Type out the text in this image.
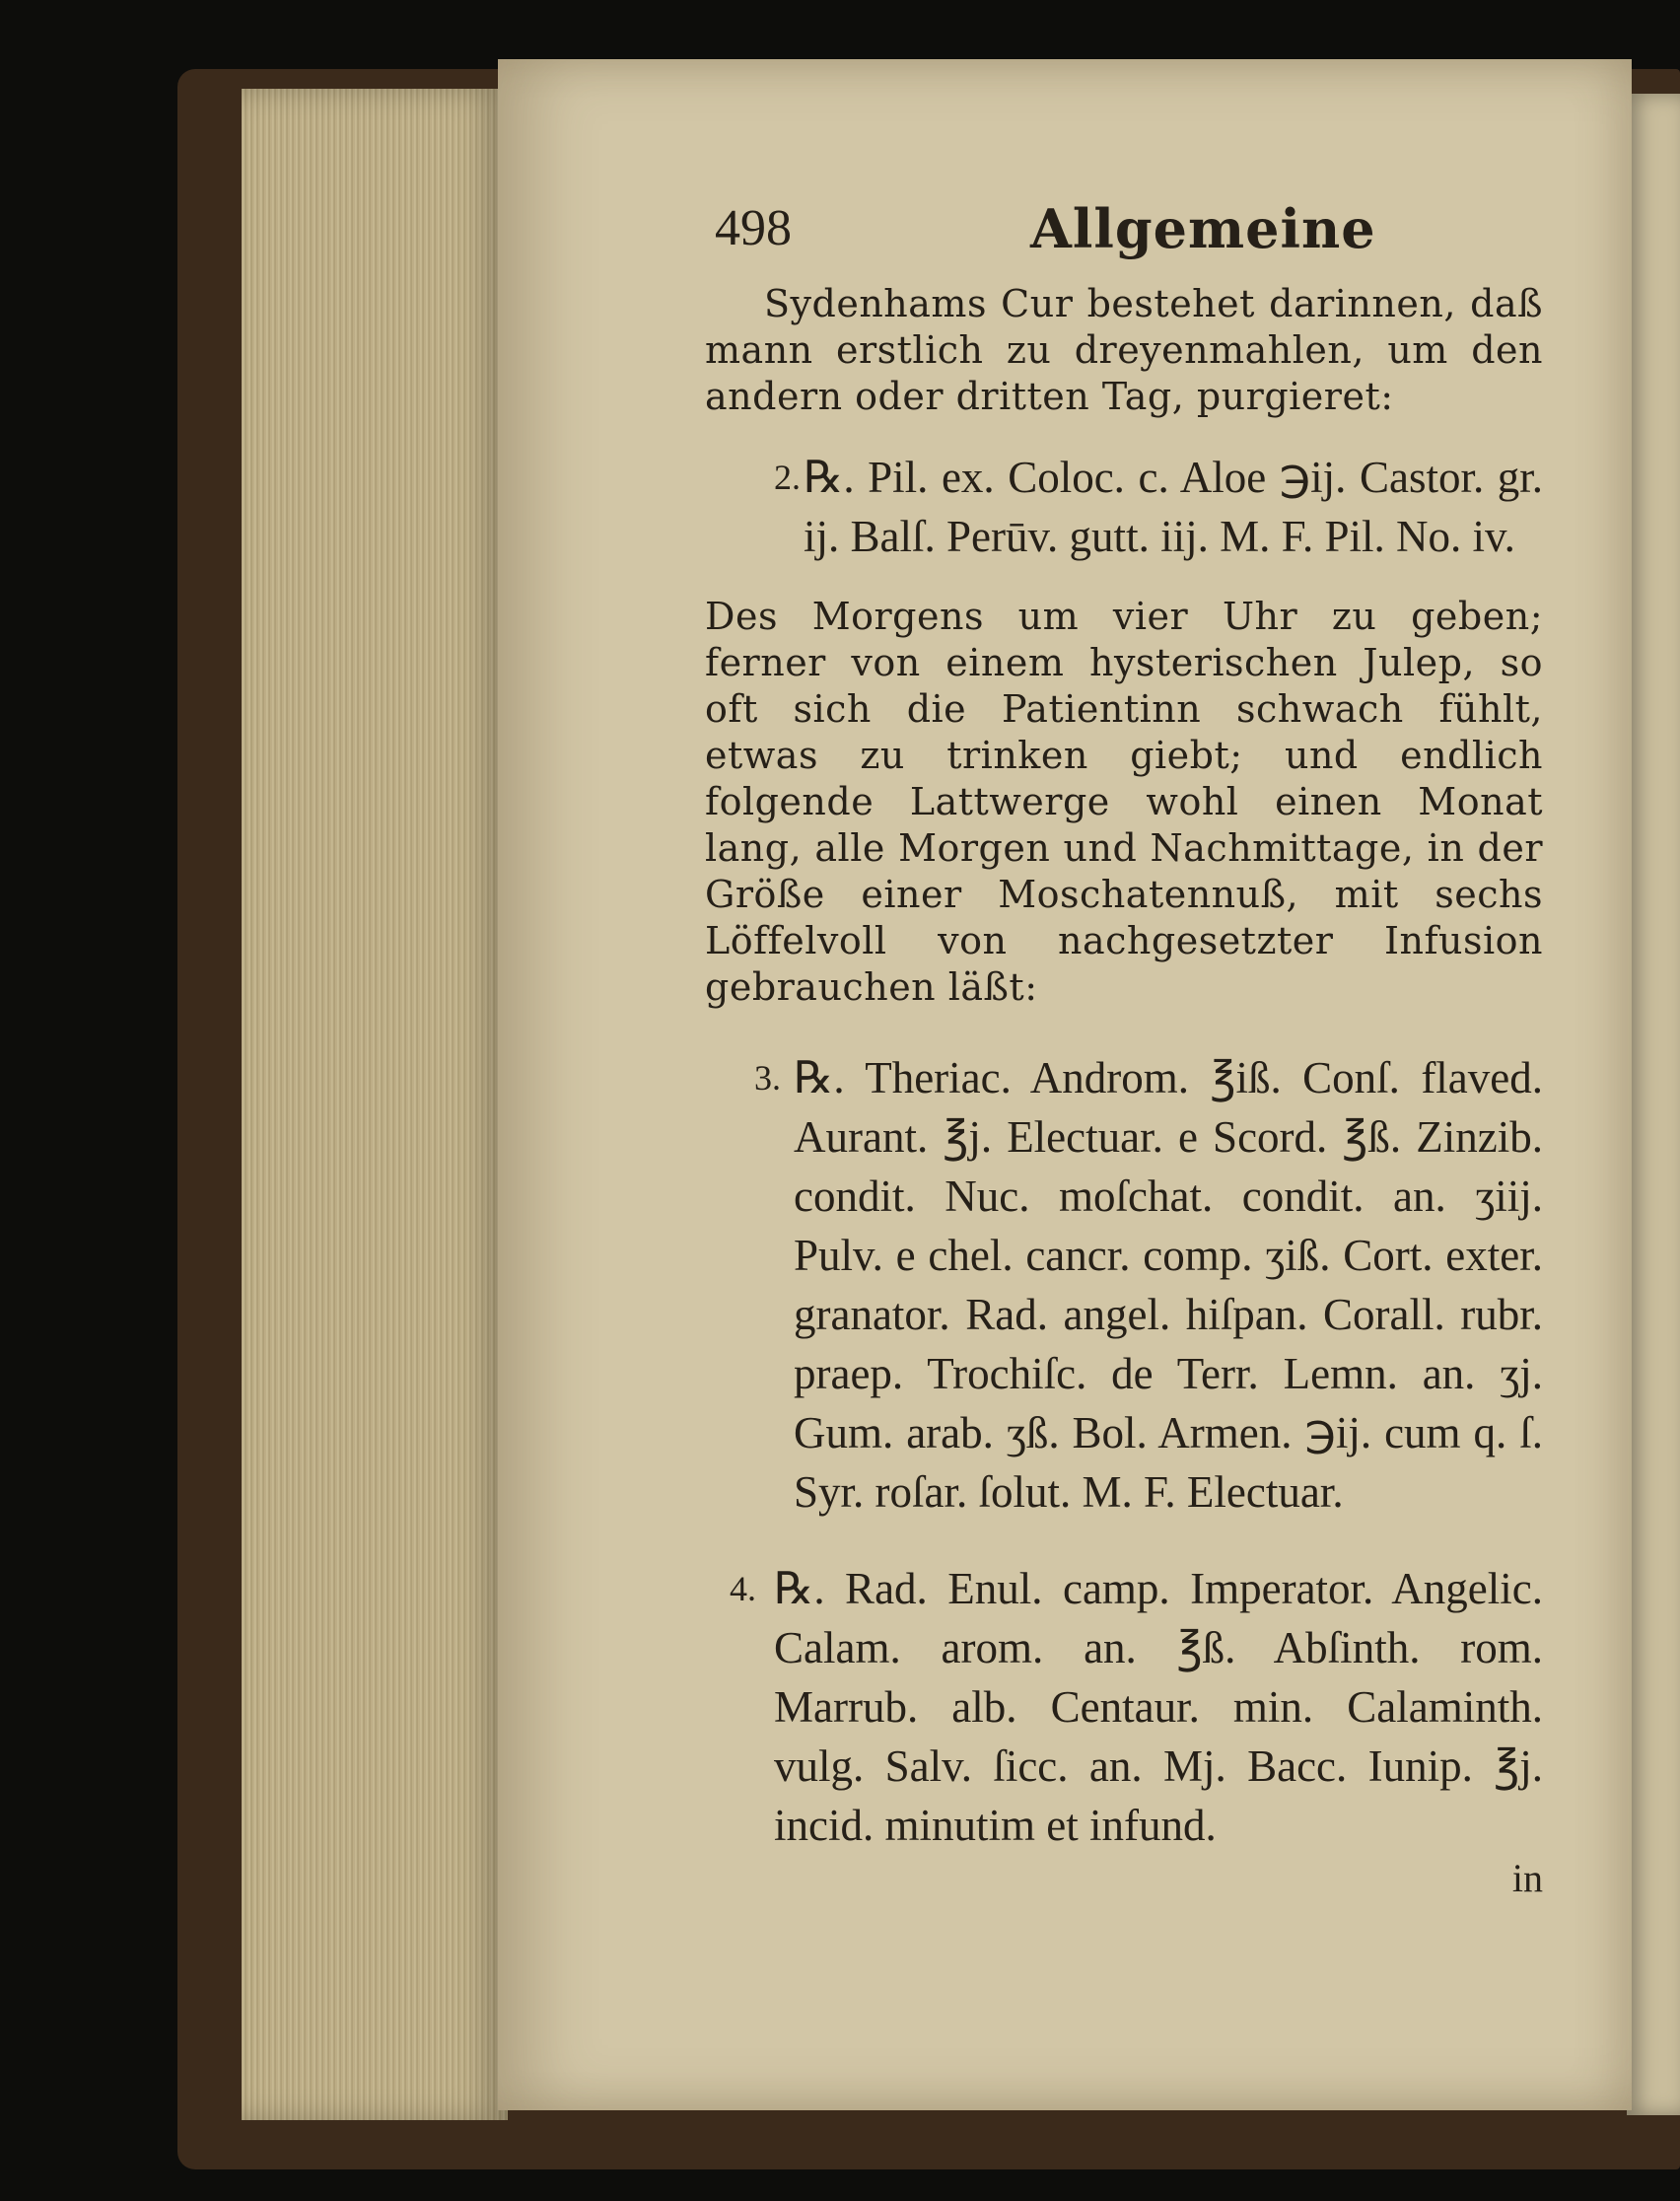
498	Allgemeine

Sydenhams Cur bestehet darinnen, daß mann erstlich zu dreyenmahlen, um den andern oder dritten Tag, purgieret:

2. ℞. Pil. ex. Coloc. c. Aloe ℈ij. Castor. gr. ij. Balſ. Perūv. gutt. iij. M. F. Pil. No. iv.

Des Morgens um vier Uhr zu geben; ferner von einem hysterischen Julep, so oft sich die Patientinn schwach fühlt, etwas zu trinken giebt; und endlich folgende Lattwerge wohl einen Monat lang, alle Morgen und Nachmittage, in der Größe einer Moschatennuß, mit sechs Löffelvoll von nachgesetzter Infusion gebrauchen läßt:

3. ℞. Theriac. Androm. ℥iß. Conſ. flaved. Aurant. ℥j. Electuar. e Scord. ℥ß. Zinzib. condit. Nuc. moſchat. condit. an. ʒiij. Pulv. e chel. cancr. comp. ʒiß. Cort. exter. granator. Rad. angel. hiſpan. Corall. rubr. praep. Trochiſc. de Terr. Lemn. an. ʒj. Gum. arab. ʒß. Bol. Armen. ℈ij. cum q. ſ. Syr. roſar. ſolut. M. F. Electuar.
4. ℞. Rad. Enul. camp. Imperator. Angelic. Calam. arom. an. ℥ß. Abſinth. rom. Marrub. alb. Centaur. min. Calaminth. vulg. Salv. ſicc. an. Mj. Bacc. Iunip. ℥j. incid. minutim et infund.
in
